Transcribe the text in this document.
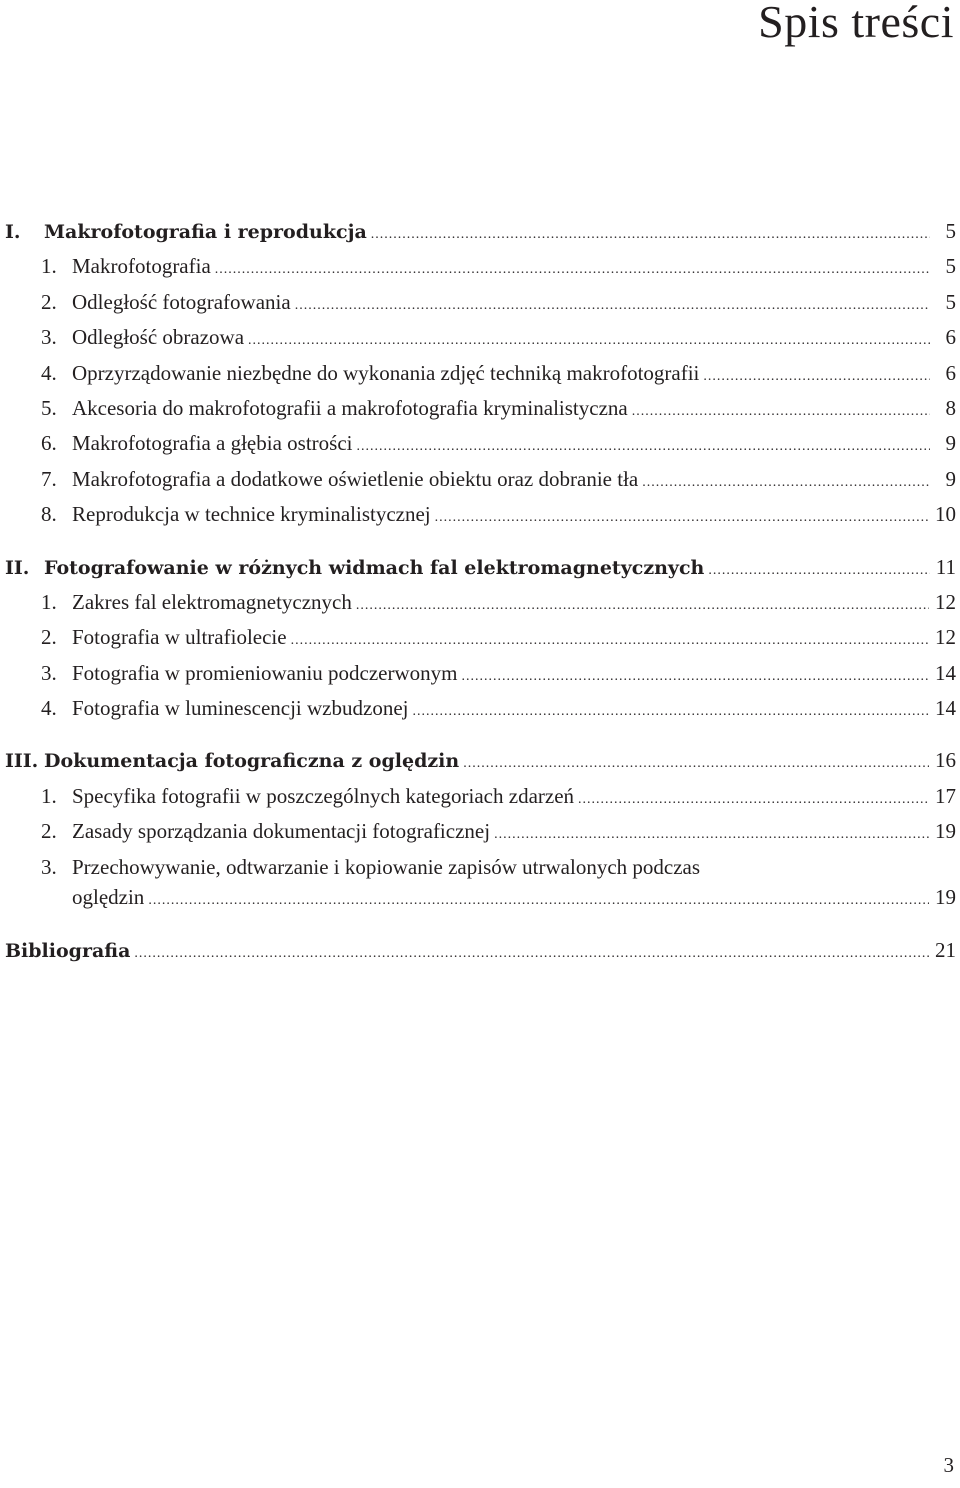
Spis treści
I.	Makrofotografia i reprodukcja .....	5
1. Makrofotografia .....	5
2. Odległość fotografowania .....	5
3. Odległość obrazowa .....	6
4. Oprzyrządowanie niezbędne do wykonania zdjęć techniką makrofotografii .....	6
5. Akcesoria do makrofotografii a makrofotografia kryminalistyczna .....	8
6. Makrofotografia a głębia ostrości .....	9
7. Makrofotografia a dodatkowe oświetlenie obiektu oraz dobranie tła .....	9
8. Reprodukcja w technice kryminalistycznej .....	10
II. Fotografowanie w różnych widmach fal elektromagnetycznych .....	11
1. Zakres fal elektromagnetycznych .....	12
2. Fotografia w ultrafiolecie .....	12
3. Fotografia w promieniowaniu podczerwonym .....	14
4. Fotografia w luminescencji wzbudzonej .....	14
III. Dokumentacja fotograficzna z oględzin .....	16
1. Specyfika fotografii w poszczególnych kategoriach zdarzeń .....	17
2. Zasady sporządzania dokumentacji fotograficznej .....	19
3. Przechowywanie, odtwarzanie i kopiowanie zapisów utrwalonych podczas
oględzin .....	19
Bibliografia .....	21

3
